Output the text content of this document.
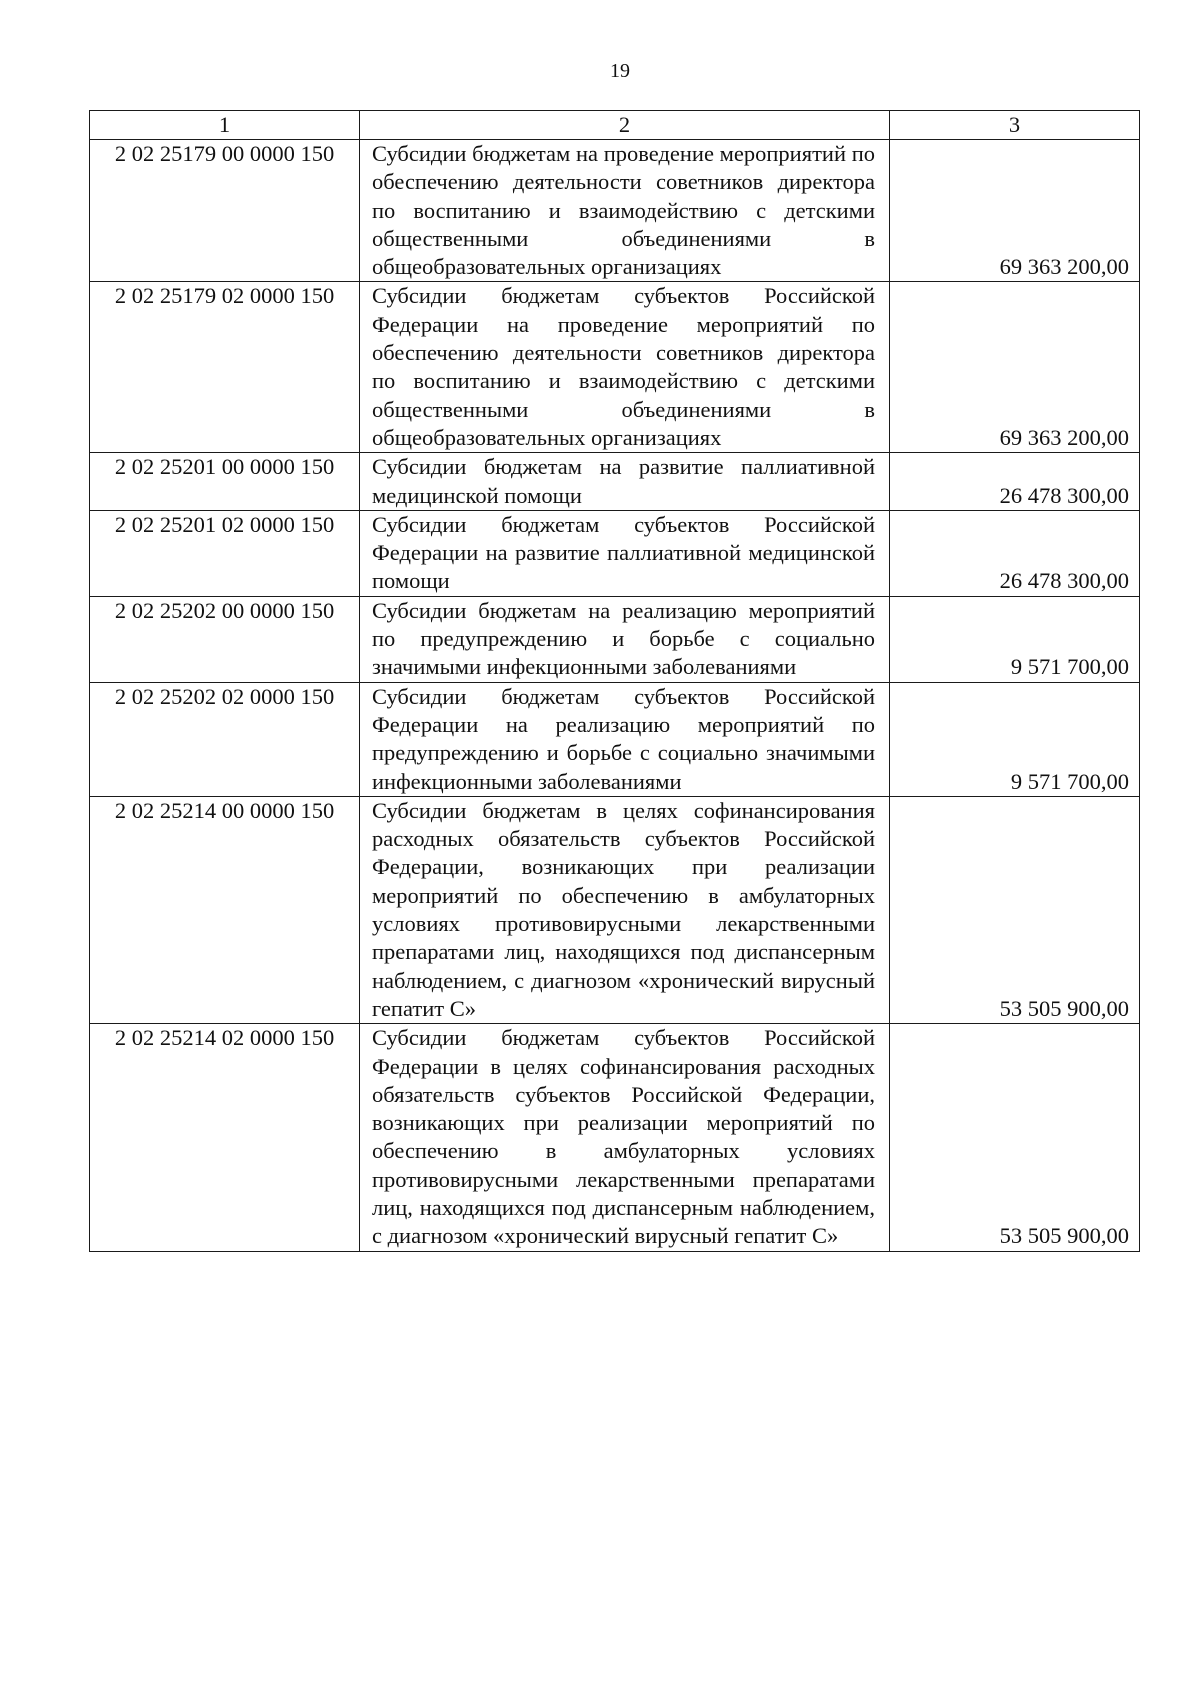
19
1	2	3
2 02 25179 00 0000 150	Субсидии бюджетам на проведение мероприятий по обеспечению деятельности советников директора по воспитанию и взаимодействию с детскими общественными объединениями в общеобразовательных организациях	69 363 200,00
2 02 25179 02 0000 150	Субсидии бюджетам субъектов Российской Федерации на проведение мероприятий по обеспечению деятельности советников директора по воспитанию и взаимодействию с детскими общественными объединениями в общеобразовательных организациях	69 363 200,00
2 02 25201 00 0000 150	Субсидии бюджетам на развитие паллиативной медицинской помощи	26 478 300,00
2 02 25201 02 0000 150	Субсидии бюджетам субъектов Российской Федерации на развитие паллиативной медицинской помощи	26 478 300,00
2 02 25202 00 0000 150	Субсидии бюджетам на реализацию мероприятий по предупреждению и борьбе с социально значимыми инфекционными заболеваниями	9 571 700,00
2 02 25202 02 0000 150	Субсидии бюджетам субъектов Российской Федерации на реализацию мероприятий по предупреждению и борьбе с социально значимыми инфекционными заболеваниями	9 571 700,00
2 02 25214 00 0000 150	Субсидии бюджетам в целях софинансирования расходных обязательств субъектов Российской Федерации, возникающих при реализации мероприятий по обеспечению в амбулаторных условиях противовирусными лекарственными препаратами лиц, находящихся под диспансерным наблюдением, с диагнозом «хронический вирусный гепатит С»	53 505 900,00
2 02 25214 02 0000 150	Субсидии бюджетам субъектов Российской Федерации в целях софинансирования расходных обязательств субъектов Российской Федерации, возникающих при реализации мероприятий по обеспечению в амбулаторных условиях противовирусными лекарственными препаратами лиц, находящихся под диспансерным наблюдением, с диагнозом «хронический вирусный гепатит С»	53 505 900,00
